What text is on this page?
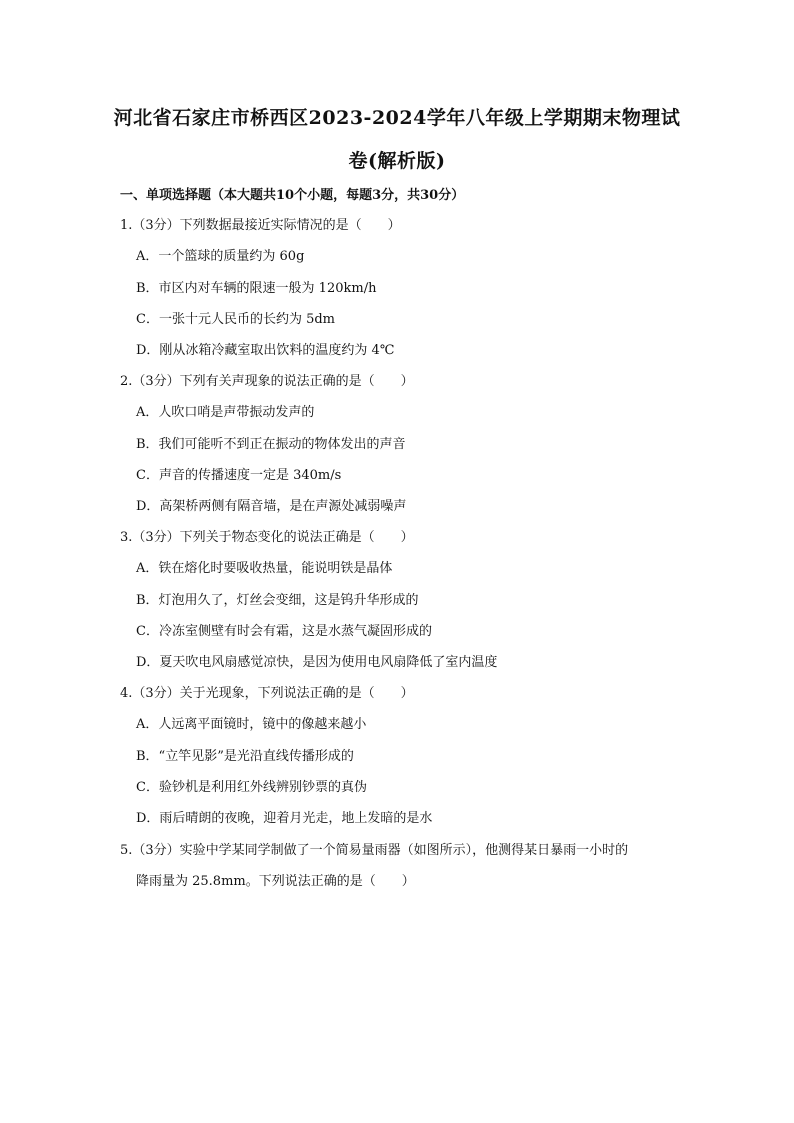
河北省石家庄市桥西区2023-2024学年八年级上学期期末物理试
卷(解析版)
一、单项选择题（本大题共10个小题，每题3分，共30分）
1.（3分）下列数据最接近实际情况的是（　　）
A．一个篮球的质量约为 60g
B．市区内对车辆的限速一般为 120km/h
C．一张十元人民币的长约为 5dm
D．刚从冰箱冷藏室取出饮料的温度约为 4℃
2.（3分）下列有关声现象的说法正确的是（　　）
A．人吹口哨是声带振动发声的
B．我们可能听不到正在振动的物体发出的声音
C．声音的传播速度一定是 340m/s
D．高架桥两侧有隔音墙，是在声源处减弱噪声
3.（3分）下列关于物态变化的说法正确是（　　）
A．铁在熔化时要吸收热量，能说明铁是晶体
B．灯泡用久了，灯丝会变细，这是钨升华形成的
C．冷冻室侧壁有时会有霜，这是水蒸气凝固形成的
D．夏天吹电风扇感觉凉快，是因为使用电风扇降低了室内温度
4.（3分）关于光现象，下列说法正确的是（　　）
A．人远离平面镜时，镜中的像越来越小
B．“立竿见影”是光沿直线传播形成的
C．验钞机是利用红外线辨别钞票的真伪
D．雨后晴朗的夜晚，迎着月光走，地上发暗的是水
5.（3分）实验中学某同学制做了一个简易量雨器（如图所示），他测得某日暴雨一小时的
降雨量为 25.8mm。下列说法正确的是（　　）
